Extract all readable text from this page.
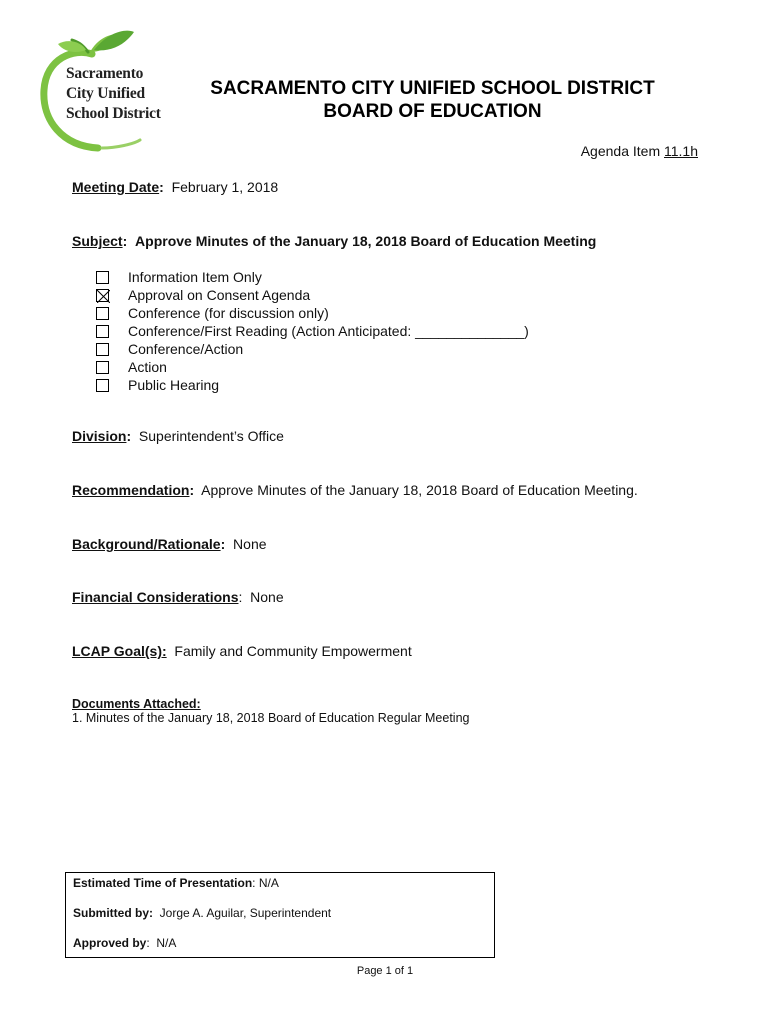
Sacramento
City Unified
School District
SACRAMENTO CITY UNIFIED SCHOOL DISTRICT
BOARD OF EDUCATION
Agenda Item 11.1h
Meeting Date: February 1, 2018
Subject: Approve Minutes of the January 18, 2018 Board of Education Meeting
Information Item Only
Approval on Consent Agenda
Conference (for discussion only)
Conference/First Reading (Action Anticipated: ______________)
Conference/Action
Action
Public Hearing
Division: Superintendent’s Office
Recommendation: Approve Minutes of the January 18, 2018 Board of Education Meeting.
Background/Rationale: None
Financial Considerations: None
LCAP Goal(s): Family and Community Empowerment
Documents Attached:
1. Minutes of the January 18, 2018 Board of Education Regular Meeting
Estimated Time of Presentation: N/A
Submitted by: Jorge A. Aguilar, Superintendent
Approved by:  N/A
Page 1 of 1
